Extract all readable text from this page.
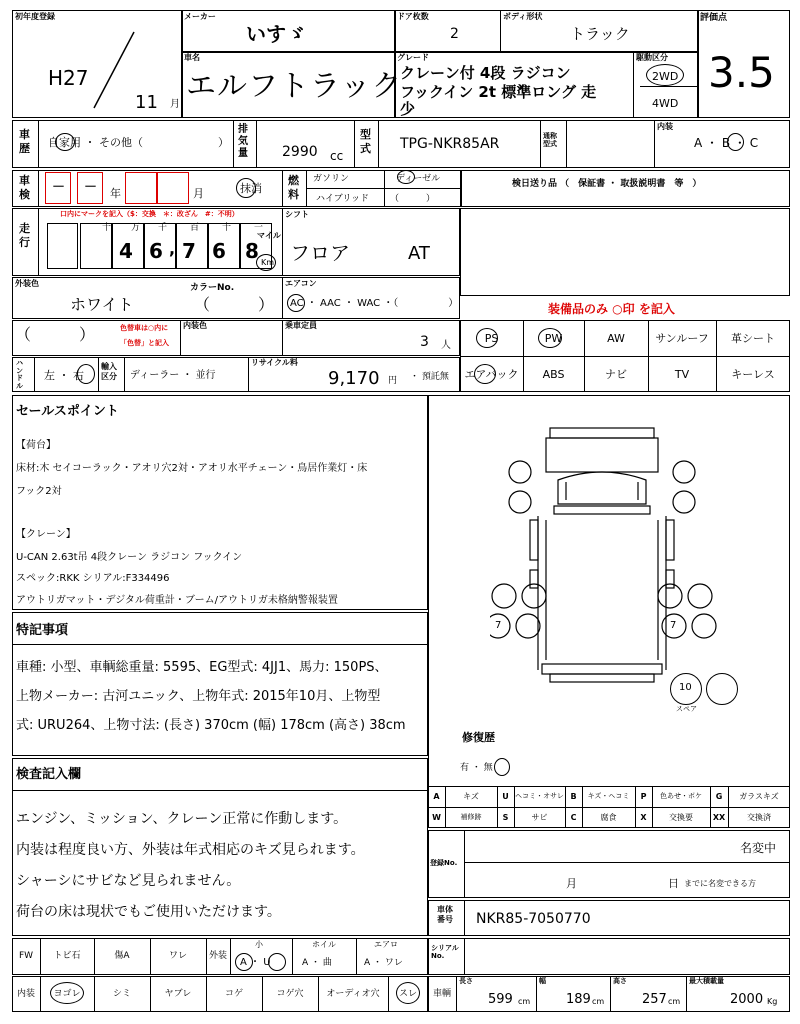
初年度登録
H27
11 月
メーカー
いすゞ
ドア枚数
2
ボディ形状
トラック
評価点
3.5
車名
エルフトラック
グレード
クレーン付 4段 ラジコン
フックイン 2t 標準ロング 走
少
駆動区分
2WD
4WD
車歴 自家用 ・ その他（	）
排気量 2990 cc
型式 TPG-NKR85AR	通称型式
内装
A ・ B ・ C
車検 － － 年	月	抹消
燃料
ガソリン	ディーゼル
ハイブリッド （　　　）
検日送り品 （　保証書 ・ 取扱説明書　等　）
走行
口内にマークを記入（$：交換　＊：改ざん　#：不明）
十 万 千	百	十	一
4 6 , 7 6 8
マイル
Km
シフト
フロア	AT
外装色
ホワイト
カラーNo.
（　　　）
エアコン
AC ・ AAC ・ WAC ・（　　　　　）	装備品のみ ○印 を記入
（　　　）	色替車は○内に
「色替」と記入
内装色	乗車定員
3 人
PS	PW	AW	サンルーフ	革シート
エアバック	ABS	ナビ	TV	キーレス
ハンドル
左 ・ 右
輸入区分	ディーラー ・ 並行
リサイクル料
9,170 円 ・ 預託無
セールスポイント
【荷台】
床材:木 セイコーラック・アオリ穴2対・アオリ水平チェーン・鳥居作業灯・床
フック2対
【クレーン】
U-CAN 2.63t吊 4段クレーン ラジコン フックイン
スペック:RKK シリアル:F334496
アウトリガマット・デジタル荷重計・ブーム/アウトリガ未格納警報装置
特記事項
車種: 小型、車輌総重量: 5595、EG型式: 4JJ1、馬力: 150PS、
上物メーカー: 古河ユニック、上物年式: 2015年10月、上物型
式: URU264、上物寸法: (長さ) 370cm (幅) 178cm (高さ) 38cm
検査記入欄
エンジン、ミッション、クレーン正常に作動します。
内装は程度良い方、外装は年式相応のキズ見られます。
シャーシにサビなど見られません。
荷台の床は現状でもご使用いただけます。
7	7
10
スペア
修復歴
有 ・ 無
A	キズ	U ヘコミ・オサレ B	キズ・ヘコミ	P	色あせ・ボケ	G	ガラスキズ
W	補修跡	S	サビ	C	腐食	X	交換要	XX	交換済
名変中
登録No.
月	日 までに名変できる方
車体番号 NKR85-7050770
FW	トビ石	傷A	ワレ	外装
小
A ・ U
ホイル
A ・ 曲
エアロ
A ・ ワレ
シリアルNo.
内装	ヨゴレ	シミ	ヤブレ	コゲ	コゲ穴	オーディオ穴	スレ	車輌
長さ
599 cm
幅
189 cm
高さ
257 cm
最大積載量
2000 Kg
